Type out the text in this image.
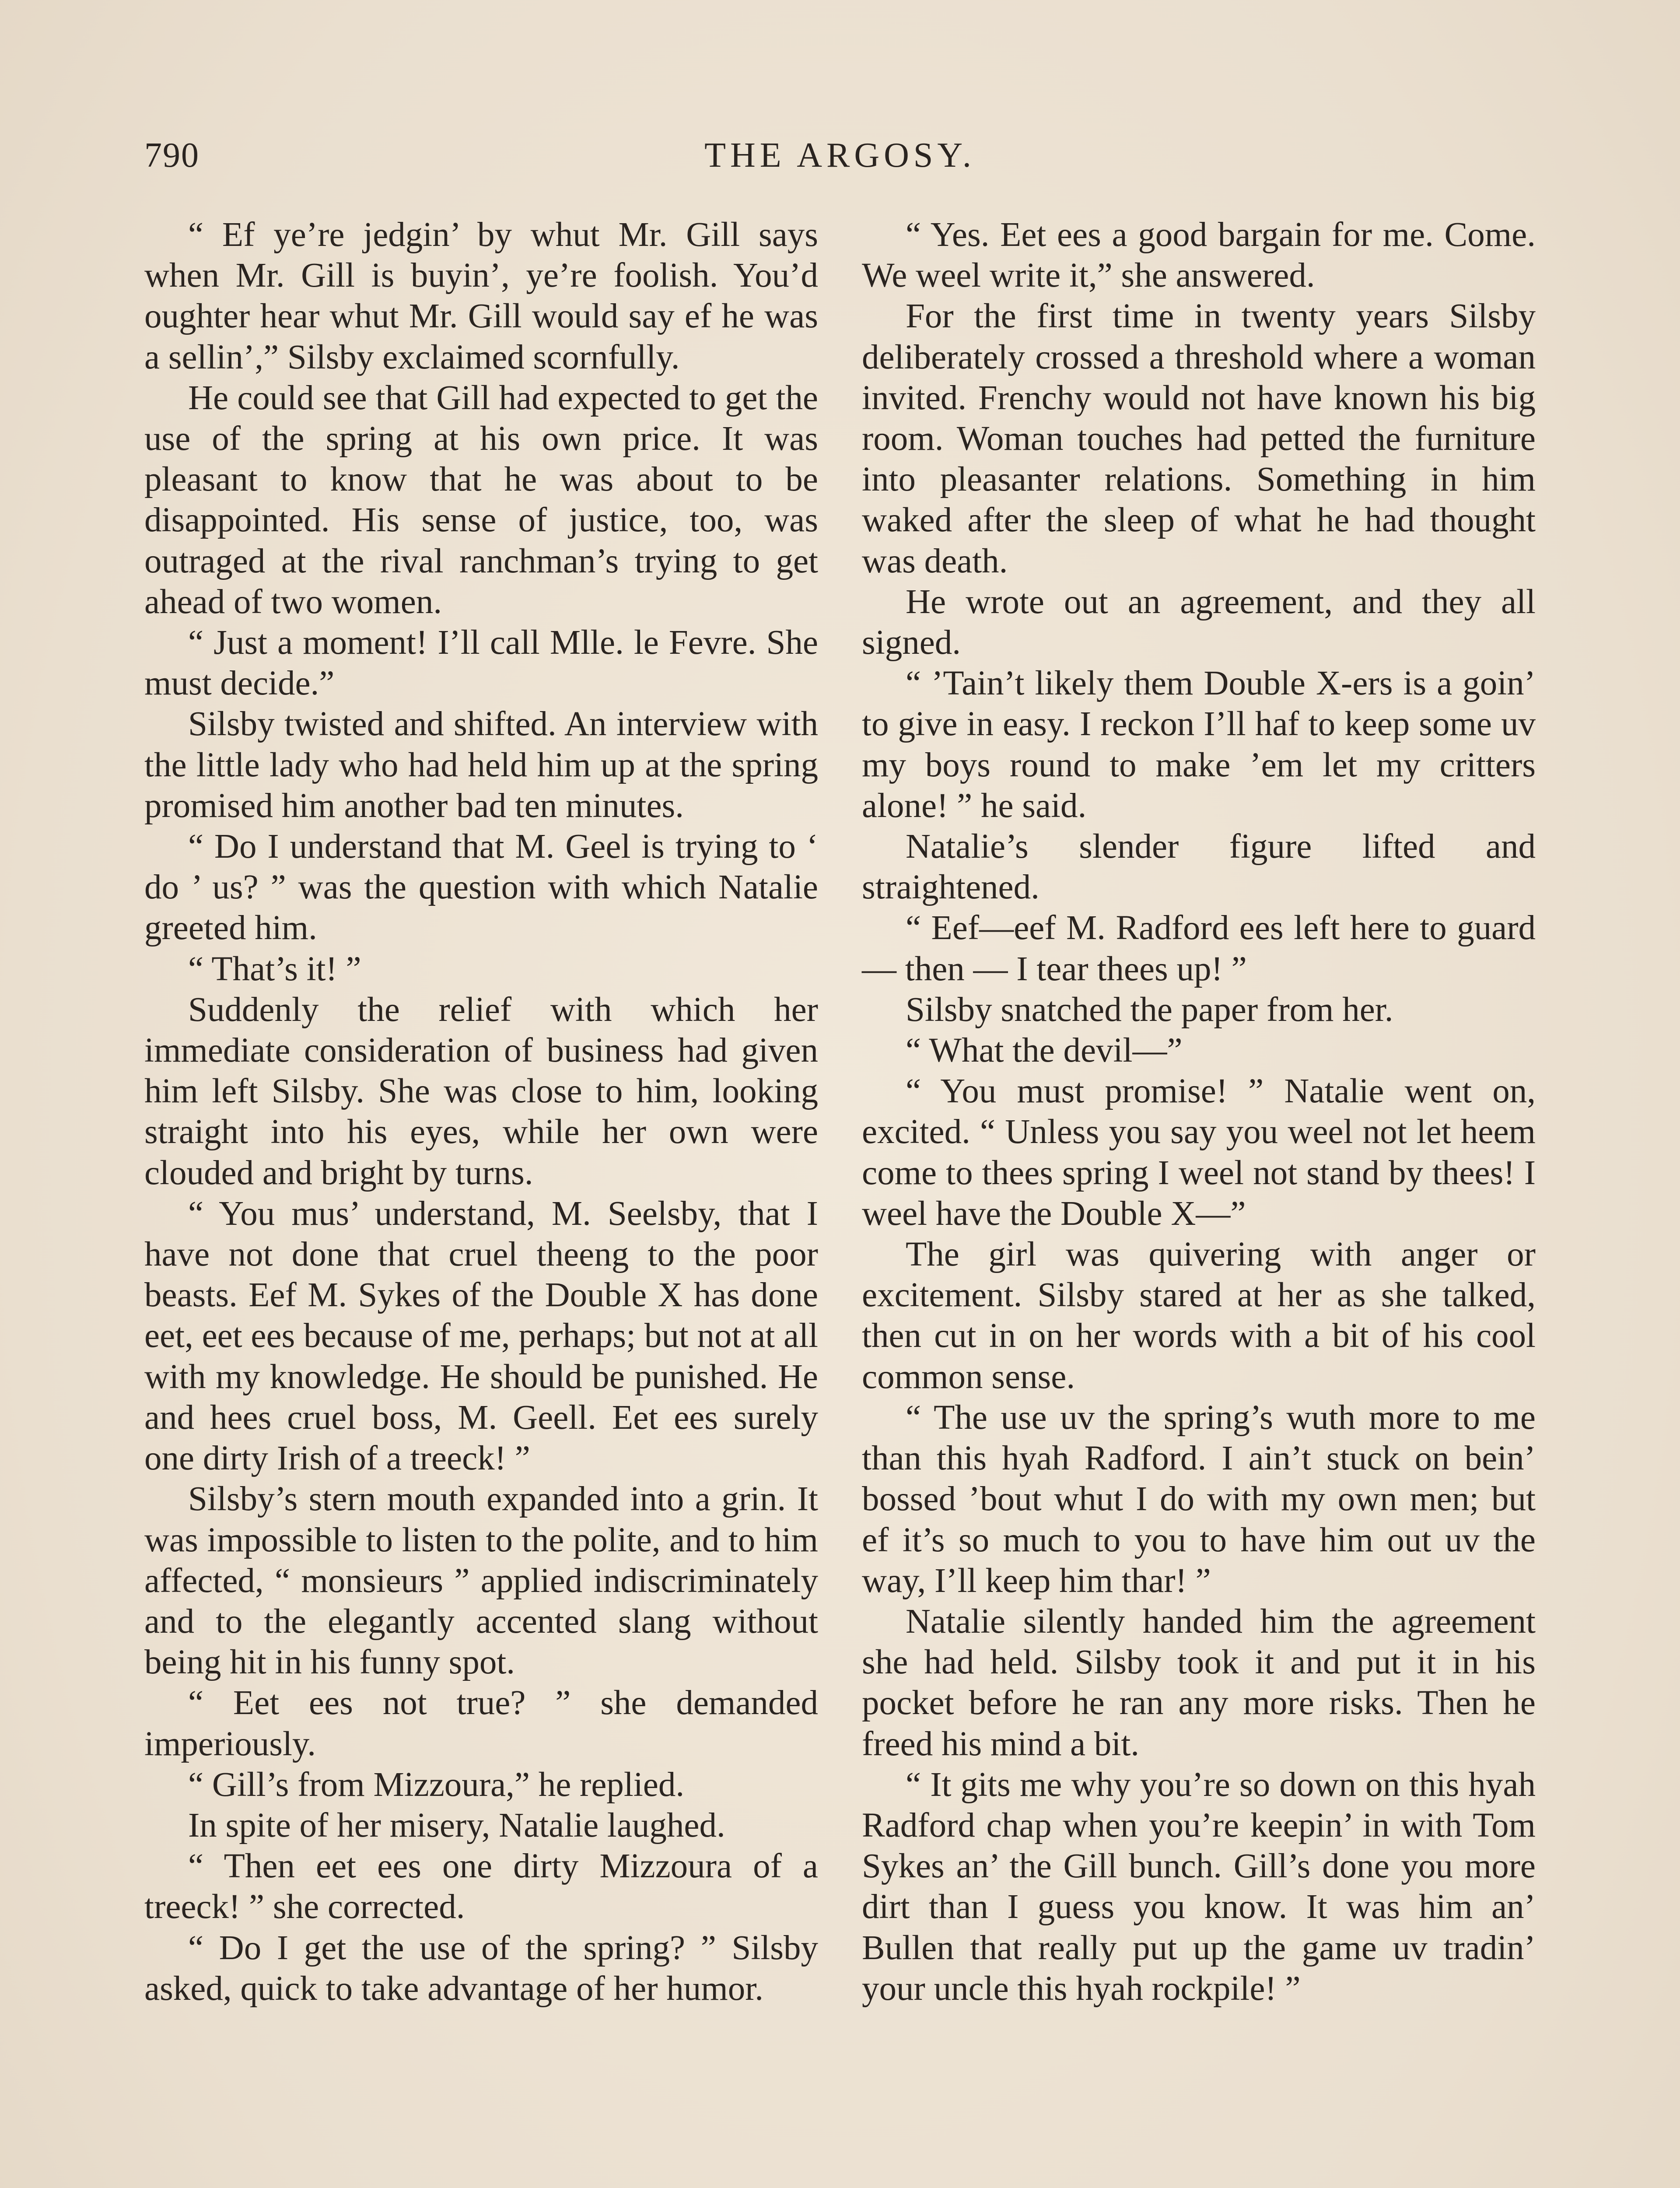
790	THE ARGOSY.

“ Ef ye’re jedgin’ by whut Mr. Gill says when Mr. Gill is buyin’, ye’re foolish. You’d oughter hear whut Mr. Gill would say ef he was a sellin’,” Silsby exclaimed scornfully.

He could see that Gill had expected to get the use of the spring at his own price. It was pleasant to know that he was about to be disappointed. His sense of justice, too, was outraged at the rival ranchman’s trying to get ahead of two women.

“ Just a moment! I’ll call Mlle. le Fevre. She must decide.”

Silsby twisted and shifted. An interview with the little lady who had held him up at the spring promised him another bad ten minutes.

“ Do I understand that M. Geel is trying to ‘ do ’ us? ” was the question with which Natalie greeted him.

“ That’s it! ”

Suddenly the relief with which her immediate consideration of business had given him left Silsby. She was close to him, looking straight into his eyes, while her own were clouded and bright by turns.

“ You mus’ understand, M. Seelsby, that I have not done that cruel theeng to the poor beasts. Eef M. Sykes of the Double X has done eet, eet ees because of me, perhaps; but not at all with my knowledge. He should be punished. He and hees cruel boss, M. Geell. Eet ees surely one dirty Irish of a treeck! ”

Silsby’s stern mouth expanded into a grin. It was impossible to listen to the polite, and to him affected, “ monsieurs ” applied indiscriminately and to the elegantly accented slang without being hit in his funny spot.

“ Eet ees not true? ” she demanded imperiously.

“ Gill’s from Mizzoura,” he replied.

In spite of her misery, Natalie laughed.

“ Then eet ees one dirty Mizzoura of a treeck! ” she corrected.

“ Do I get the use of the spring? ” Silsby asked, quick to take advantage of her humor.

“ Yes. Eet ees a good bargain for me. Come. We weel write it,” she answered.

For the first time in twenty years Silsby deliberately crossed a threshold where a woman invited. Frenchy would not have known his big room. Woman touches had petted the furniture into pleasanter relations. Something in him waked after the sleep of what he had thought was death.

He wrote out an agreement, and they all signed.

“ ’Tain’t likely them Double X-ers is a goin’ to give in easy. I reckon I’ll haf to keep some uv my boys round to make ’em let my critters alone! ” he said.

Natalie’s slender figure lifted and straightened.

“ Eef—eef M. Radford ees left here to guard — then — I tear thees up! ”

Silsby snatched the paper from her.

“ What the devil—”

“ You must promise! ” Natalie went on, excited. “ Unless you say you weel not let heem come to thees spring I weel not stand by thees! I weel have the Double X—”

The girl was quivering with anger or excitement. Silsby stared at her as she talked, then cut in on her words with a bit of his cool common sense.

“ The use uv the spring’s wuth more to me than this hyah Radford. I ain’t stuck on bein’ bossed ’bout whut I do with my own men; but ef it’s so much to you to have him out uv the way, I’ll keep him thar! ”

Natalie silently handed him the agreement she had held. Silsby took it and put it in his pocket before he ran any more risks. Then he freed his mind a bit.

“ It gits me why you’re so down on this hyah Radford chap when you’re keepin’ in with Tom Sykes an’ the Gill bunch. Gill’s done you more dirt than I guess you know. It was him an’ Bullen that really put up the game uv tradin’ your uncle this hyah rockpile! ”
